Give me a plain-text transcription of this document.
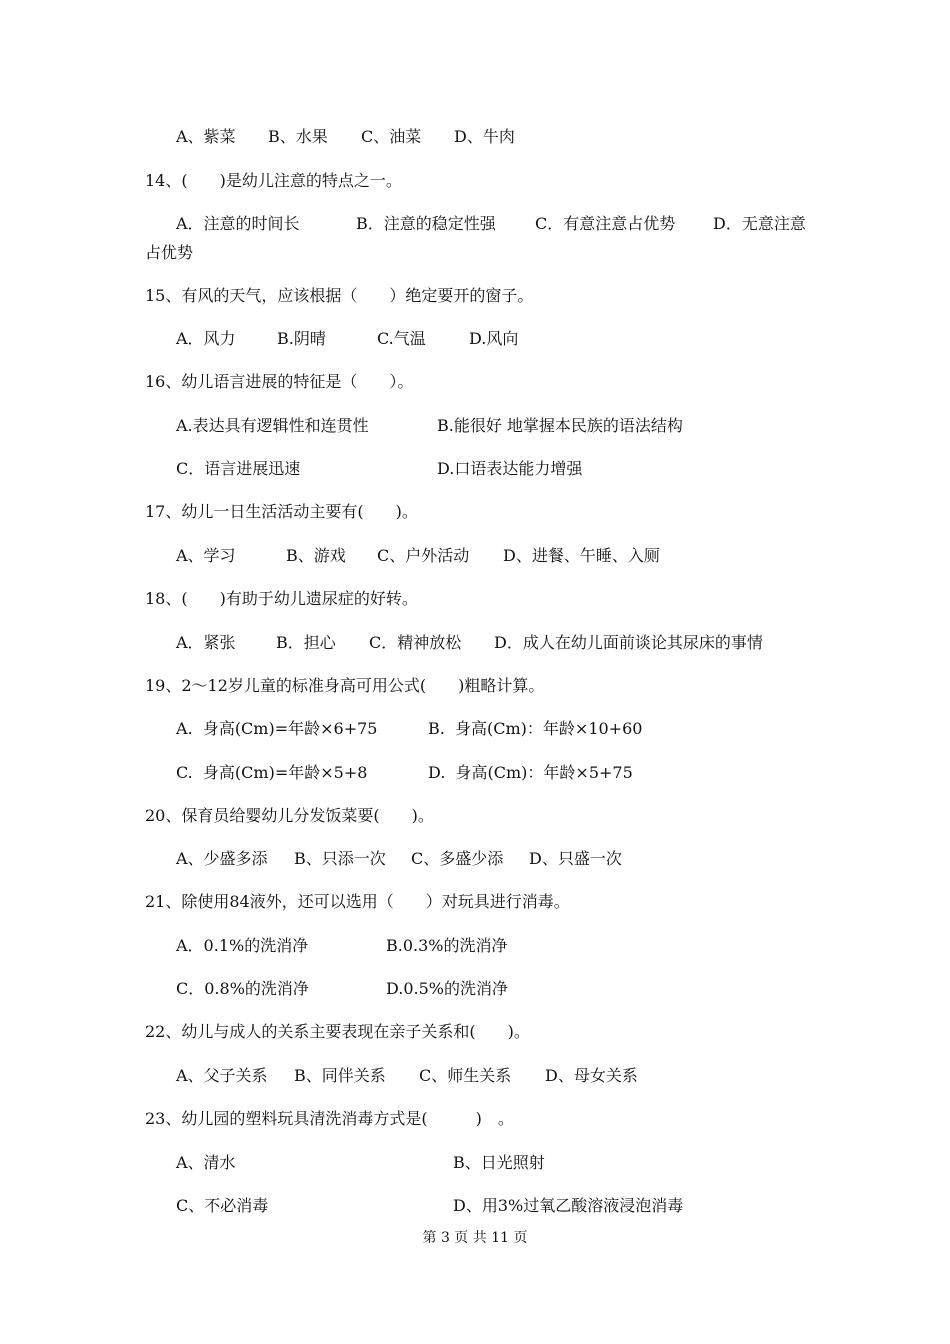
A、紫菜 B、水果 C、油菜 D、牛肉
14、(　　)是幼儿注意的特点之一。
A．注意的时间长	B．注意的稳定性强 C．有意注意占优势 D．无意注意
占优势
15、有风的天气，应该根据（　　）绝定要开的窗子。
A．风力	B.阴晴	C.气温	D.风向
16、幼儿语言进展的特征是（　　）。
A.表达具有逻辑性和连贯性	B.能很好 地掌握本民族的语法结构
C．语言进展迅速	D.口语表达能力增强
17、幼儿一日生活活动主要有(　　)。
A、学习	B、游戏 C、户外活动 D、进餐、午睡、入厕
18、(　　)有助于幼儿遗尿症的好转。
A．紧张	B．担心 C．精神放松 D．成人在幼儿面前谈论其尿床的事情
19、2～12岁儿童的标准身高可用公式(　　)粗略计算。
A.  身高(Cm)=年龄×6+75	B.  身高(Cm)：年龄×10+60
C.  身高(Cm)=年龄×5+8	D.  身高(Cm)：年龄×5+75
20、保育员给婴幼儿分发饭菜要(　　)。
A、少盛多添 B、只添一次 C、多盛少添 D、只盛一次
21、除使用84液外，还可以选用（　　）对玩具进行消毒。
A．0.1%的洗消净	B.0.3%的洗消净
C．0.8%的洗消净	D.0.5%的洗消净
22、幼儿与成人的关系主要表现在亲子关系和(　　)。
A、父子关系 B、同伴关系 C、师生关系 D、母女关系
23、幼儿园的塑料玩具清洗消毒方式是(　　　)　。
A、清水	B、日光照射
C、不必消毒	D、用3%过氧乙酸溶液浸泡消毒
第 3 页 共 11 页
